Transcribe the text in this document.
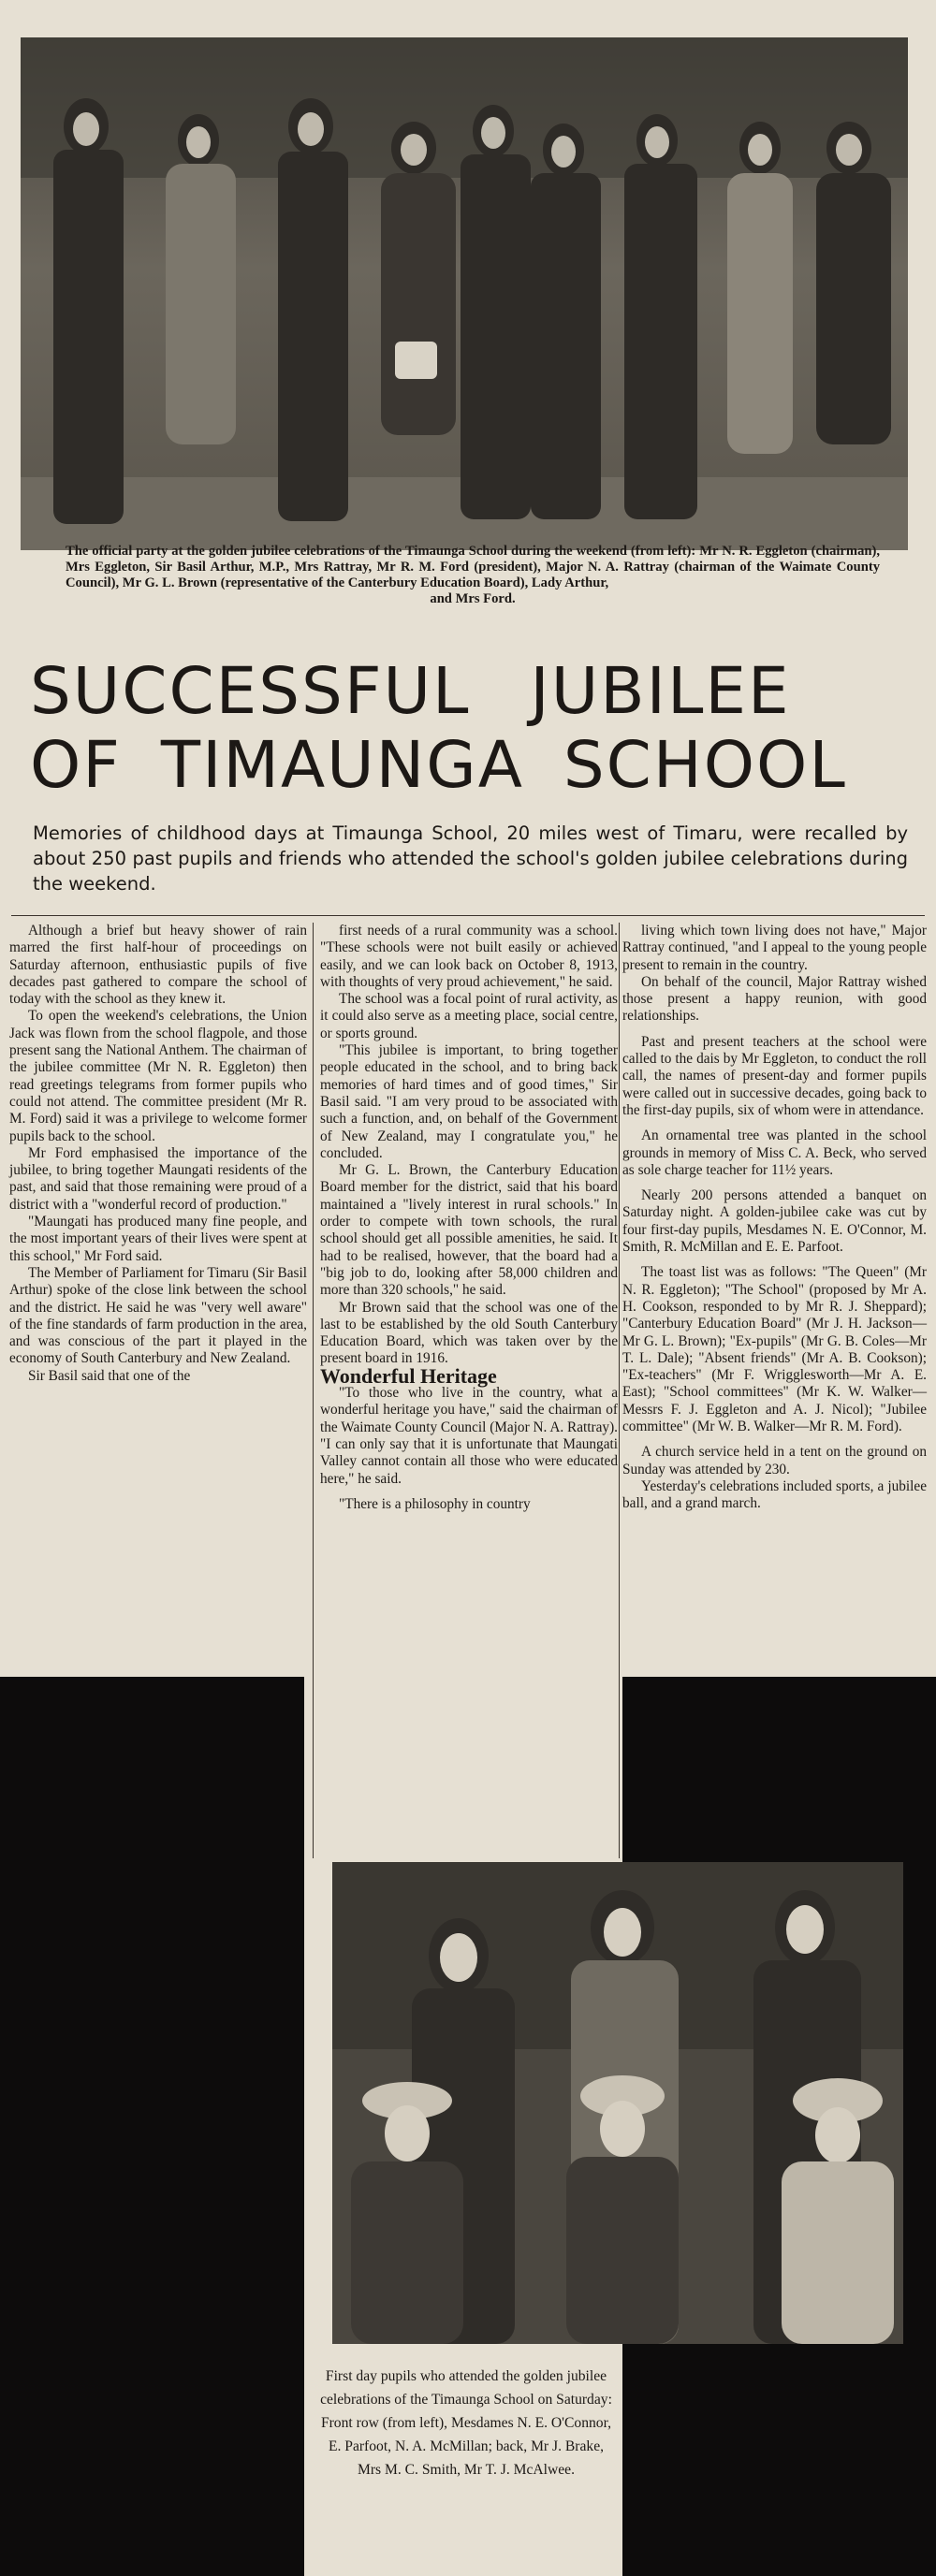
The official party at the golden jubilee celebrations of the Timaunga School during the weekend (from left): Mr N. R. Eggleton (chairman), Mrs Eggleton, Sir Basil Arthur, M.P., Mrs Rattray, Mr R. M. Ford (president), Major N. A. Rattray (chairman of the Waimate County Council), Mr G. L. Brown (representative of the Canterbury Education Board), Lady Arthur,
and Mrs Ford.
SUCCESSFUL JUBILEE
OF TIMAUNGA SCHOOL
Memories of childhood days at Timaunga School, 20 miles west of Timaru, were recalled by about 250 past pupils and friends who attended the school's golden jubilee celebrations during the weekend.

Although a brief but heavy shower of rain marred the first half-hour of proceedings on Saturday afternoon, enthusiastic pupils of five decades past gathered to compare the school of today with the school as they knew it.

To open the weekend's celebrations, the Union Jack was flown from the school flagpole, and those present sang the National Anthem. The chairman of the jubilee committee (Mr N. R. Eggleton) then read greetings telegrams from former pupils who could not attend. The committee president (Mr R. M. Ford) said it was a privilege to welcome former pupils back to the school.

Mr Ford emphasised the importance of the jubilee, to bring together Maungati residents of the past, and said that those remaining were proud of a district with a "wonderful record of production."

"Maungati has produced many fine people, and the most important years of their lives were spent at this school," Mr Ford said.

The Member of Parliament for Timaru (Sir Basil Arthur) spoke of the close link between the school and the district. He said he was "very well aware" of the fine standards of farm production in the area, and was conscious of the part it played in the economy of South Canterbury and New Zealand.

Sir Basil said that one of the

first needs of a rural community was a school. "These schools were not built easily or achieved easily, and we can look back on October 8, 1913, with thoughts of very proud achievement," he said.

The school was a focal point of rural activity, as it could also serve as a meeting place, social centre, or sports ground.

"This jubilee is important, to bring together people educated in the school, and to bring back memories of hard times and of good times," Sir Basil said. "I am very proud to be associated with such a function, and, on behalf of the Government of New Zealand, may I congratulate you," he concluded.

Mr G. L. Brown, the Canterbury Education Board member for the district, said that his board maintained a "lively interest in rural schools." In order to compete with town schools, the rural school should get all possible amenities, he said. It had to be realised, however, that the board had a "big job to do, looking after 58,000 children and more than 320 schools," he said.

Mr Brown said that the school was one of the last to be established by the old South Canterbury Education Board, which was taken over by the present board in 1916.

Wonderful Heritage

"To those who live in the country, what a wonderful heritage you have," said the chairman of the Waimate County Council (Major N. A. Rattray). "I can only say that it is unfortunate that Maungati Valley cannot contain all those who were educated here," he said.

"There is a philosophy in country

living which town living does not have," Major Rattray continued, "and I appeal to the young people present to remain in the country.

On behalf of the council, Major Rattray wished those present a happy reunion, with good relationships.

Past and present teachers at the school were called to the dais by Mr Eggleton, to conduct the roll call, the names of present-day and former pupils were called out in successive decades, going back to the first-day pupils, six of whom were in attendance.

An ornamental tree was planted in the school grounds in memory of Miss C. A. Beck, who served as sole charge teacher for 11½ years.

Nearly 200 persons attended a banquet on Saturday night. A golden-jubilee cake was cut by four first-day pupils, Mesdames N. E. O'Connor, M. Smith, R. McMillan and E. E. Parfoot.

The toast list was as follows: "The Queen" (Mr N. R. Eggleton); "The School" (proposed by Mr A. H. Cookson, responded to by Mr R. J. Sheppard); "Canterbury Education Board" (Mr J. H. Jackson—Mr G. L. Brown); "Ex-pupils" (Mr G. B. Coles—Mr T. L. Dale); "Absent friends" (Mr A. B. Cookson); "Ex-teachers" (Mr F. Wrigglesworth—Mr A. E. East); "School committees" (Mr K. W. Walker—Messrs F. J. Eggleton and A. J. Nicol); "Jubilee committee" (Mr W. B. Walker—Mr R. M. Ford).

A church service held in a tent on the ground on Sunday was attended by 230.

Yesterday's celebrations included sports, a jubilee ball, and a grand march.

First day pupils who attended the golden jubilee celebrations of the Timaunga School on Saturday: Front row (from left), Mesdames N. E. O'Connor, E. Parfoot, N. A. McMillan; back, Mr J. Brake, Mrs M. C. Smith, Mr T. J. McAlwee.
